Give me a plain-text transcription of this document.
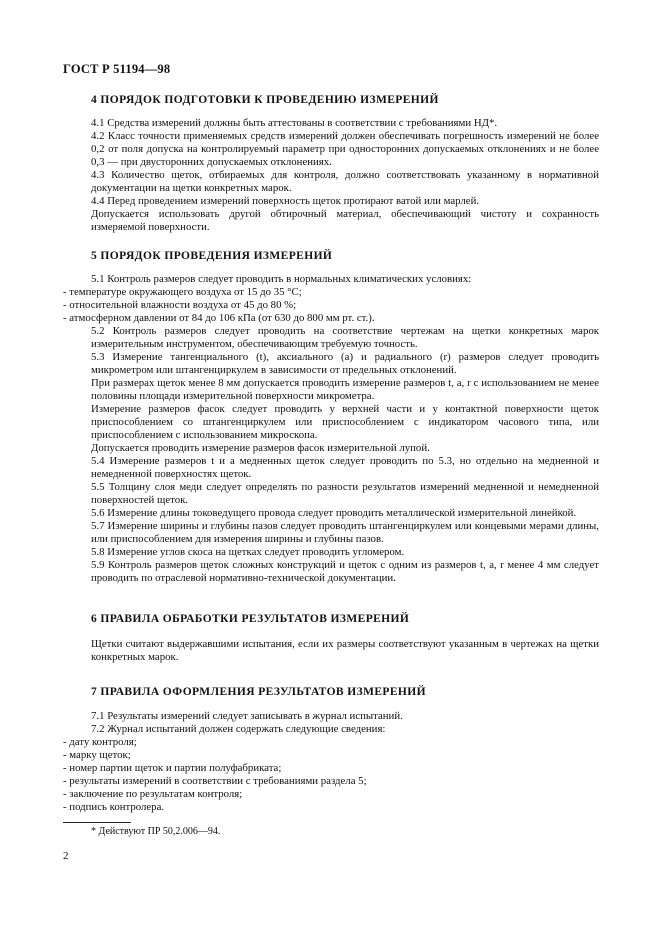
ГОСТ Р 51194—98
4 ПОРЯДОК ПОДГОТОВКИ К ПРОВЕДЕНИЮ ИЗМЕРЕНИЙ

4.1 Средства измерений должны быть аттестованы в соответствии с требованиями НД*.

4.2 Класс точности применяемых средств измерений должен обеспечивать погрешность измерений не более 0,2 от поля допуска на контролируемый параметр при односторонних допускаемых отклонениях и не более 0,3 — при двусторонних допускаемых отклонениях.

4.3 Количество щеток, отбираемых для контроля, должно соответствовать указанному в нормативной документации на щетки конкретных марок.

4.4 Перед проведением измерений поверхность щеток протирают ватой или марлей.

Допускается использовать другой обтирочный материал, обеспечивающий чистоту и сохранность измеряемой поверхности.

5 ПОРЯДОК ПРОВЕДЕНИЯ ИЗМЕРЕНИЙ

5.1 Контроль размеров следует проводить в нормальных климатических условиях:

- температуре окружающего воздуха от 15 до 35 °С;

- относительной влажности воздуха от 45 до 80 %;

- атмосферном давлении от 84 до 106 кПа (от 630 до 800 мм рт. ст.).

5.2 Контроль размеров следует проводить на соответствие чертежам на щетки конкретных марок измерительным инструментом, обеспечивающим требуемую точность.

5.3 Измерение тангенциального (t), аксиального (a) и радиального (r) размеров следует проводить микрометром или штангенциркулем в зависимости от предельных отклонений.

При размерах щеток менее 8 мм допускается проводить измерение размеров t, a, r с использованием не менее половины площади измерительной поверхности микрометра.

Измерение размеров фасок следует проводить у верхней части и у контактной поверхности щеток приспособлением со штангенциркулем или приспособлением с индикатором часового типа, или приспособлением с использованием микроскопа.

Допускается проводить измерение размеров фасок измерительной лупой.

5.4 Измерение размеров t и a медненных щеток следует проводить по 5.3, но отдельно на медненной и немедненной поверхностях щеток.

5.5 Толщину слоя меди следует определять по разности результатов измерений медненной и немедненной поверхностей щеток.

5.6 Измерение длины токоведущего провода следует проводить металлической измерительной линейкой.

5.7 Измерение ширины и глубины пазов следует проводить штангенциркулем или концевыми мерами длины, или приспособлением для измерения ширины и глубины пазов.

5.8 Измерение углов скоса на щетках следует проводить угломером.

5.9 Контроль размеров щеток сложных конструкций и щеток с одним из размеров t, a, r менее 4 мм следует проводить по отраслевой нормативно-технической документации.

6 ПРАВИЛА ОБРАБОТКИ РЕЗУЛЬТАТОВ ИЗМЕРЕНИЙ

Щетки считают выдержавшими испытания, если их размеры соответствуют указанным в чертежах на щетки конкретных марок.

7 ПРАВИЛА ОФОРМЛЕНИЯ РЕЗУЛЬТАТОВ ИЗМЕРЕНИЙ

7.1 Результаты измерений следует записывать в журнал испытаний.

7.2 Журнал испытаний должен содержать следующие сведения:

- дату контроля;

- марку щеток;

- номер партии щеток и партии полуфабриката;

- результаты измерений в соответствии с требованиями раздела 5;

- заключение по результатам контроля;

- подпись контролера.

* Действуют ПР 50,2.006—94.
2
